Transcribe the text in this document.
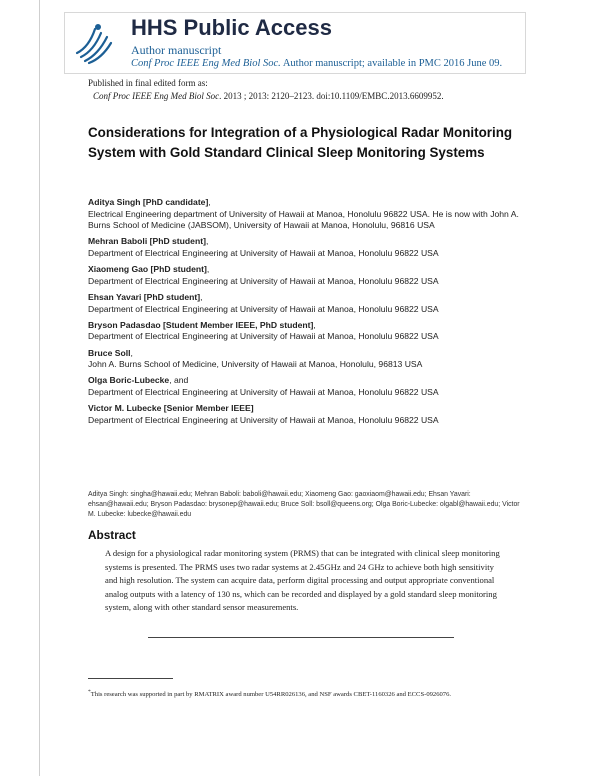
HHS Public Access
Author manuscript
Conf Proc IEEE Eng Med Biol Soc. Author manuscript; available in PMC 2016 June 09.
Published in final edited form as:
Conf Proc IEEE Eng Med Biol Soc. 2013 ; 2013: 2120–2123. doi:10.1109/EMBC.2013.6609952.
Considerations for Integration of a Physiological Radar Monitoring System with Gold Standard Clinical Sleep Monitoring Systems
Aditya Singh [PhD candidate],
Electrical Engineering department of University of Hawaii at Manoa, Honolulu 96822 USA. He is now with John A. Burns School of Medicine (JABSOM), University of Hawaii at Manoa, Honolulu, 96816 USA
Mehran Baboli [PhD student],
Department of Electrical Engineering at University of Hawaii at Manoa, Honolulu 96822 USA
Xiaomeng Gao [PhD student],
Department of Electrical Engineering at University of Hawaii at Manoa, Honolulu 96822 USA
Ehsan Yavari [PhD student],
Department of Electrical Engineering at University of Hawaii at Manoa, Honolulu 96822 USA
Bryson Padasdao [Student Member IEEE, PhD student],
Department of Electrical Engineering at University of Hawaii at Manoa, Honolulu 96822 USA
Bruce Soll,
John A. Burns School of Medicine, University of Hawaii at Manoa, Honolulu, 96813 USA
Olga Boric-Lubecke, and
Department of Electrical Engineering at University of Hawaii at Manoa, Honolulu 96822 USA
Victor M. Lubecke [Senior Member IEEE]
Department of Electrical Engineering at University of Hawaii at Manoa, Honolulu 96822 USA
Aditya Singh: singha@hawaii.edu; Mehran Baboli: baboli@hawaii.edu; Xiaomeng Gao: gaoxiaom@hawaii.edu; Ehsan Yavari: ehsan@hawaii.edu; Bryson Padasdao: brysonep@hawaii.edu; Bruce Soll: bsoll@queens.org; Olga Boric-Lubecke: olgabl@hawaii.edu; Victor M. Lubecke: lubecke@hawaii.edu
Abstract
A design for a physiological radar monitoring system (PRMS) that can be integrated with clinical sleep monitoring systems is presented. The PRMS uses two radar systems at 2.45GHz and 24 GHz to achieve both high sensitivity and high resolution. The system can acquire data, perform digital processing and output appropriate conventional analog outputs with a latency of 130 ns, which can be recorded and displayed by a gold standard sleep monitoring system, along with other standard sensor measurements.
*This research was supported in part by RMATRIX award number U54RR026136, and NSF awards CBET-1160326 and ECCS-0926076.
